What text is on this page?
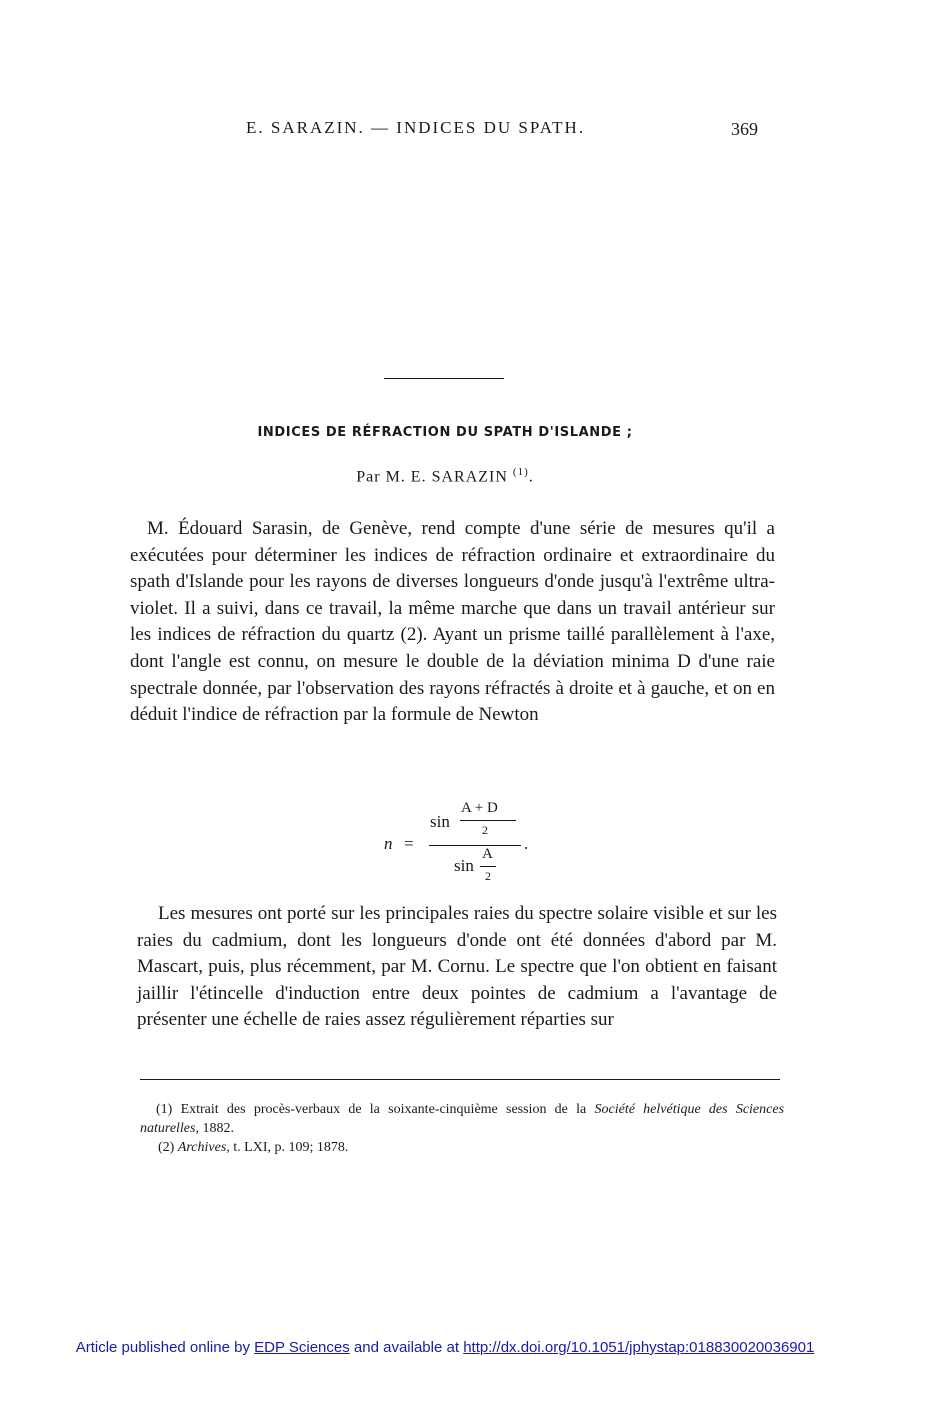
E. SARAZIN. — INDICES DU SPATH.	369
INDICES DE RÉFRACTION DU SPATH D'ISLANDE ;
Par M. E. SARAZIN $^{(1)}$.

M. Édouard Sarasin, de Genève, rend compte d'une série de mesures qu'il a exécutées pour déterminer les indices de réfraction ordinaire et extraordinaire du spath d'Islande pour les rayons de diverses longueurs d'onde jusqu'à l'extrême ultra-violet. Il a suivi, dans ce travail, la même marche que dans un travail antérieur sur les indices de réfraction du quartz (2). Ayant un prisme taillé parallèlement à l'axe, dont l'angle est connu, on mesure le double de la déviation minima D d'une raie spectrale donnée, par l'observation des rayons réfractés à droite et à gauche, et on en déduit l'indice de réfraction par la formule de Newton

n =
sin
A + D
2
sin
A
2
.

Les mesures ont porté sur les principales raies du spectre solaire visible et sur les raies du cadmium, dont les longueurs d'onde ont été données d'abord par M. Mascart, puis, plus récemment, par M. Cornu. Le spectre que l'on obtient en faisant jaillir l'étincelle d'induction entre deux pointes de cadmium a l'avantage de présenter une échelle de raies assez régulièrement réparties sur

(1) Extrait des procès-verbaux de la soixante-cinquième session de la Société helvétique des Sciences naturelles, 1882.

(2) Archives, t. LXI, p. 109; 1878.

Article published online by EDP Sciences and available at http://dx.doi.org/10.1051/jphystap:018830020036901
